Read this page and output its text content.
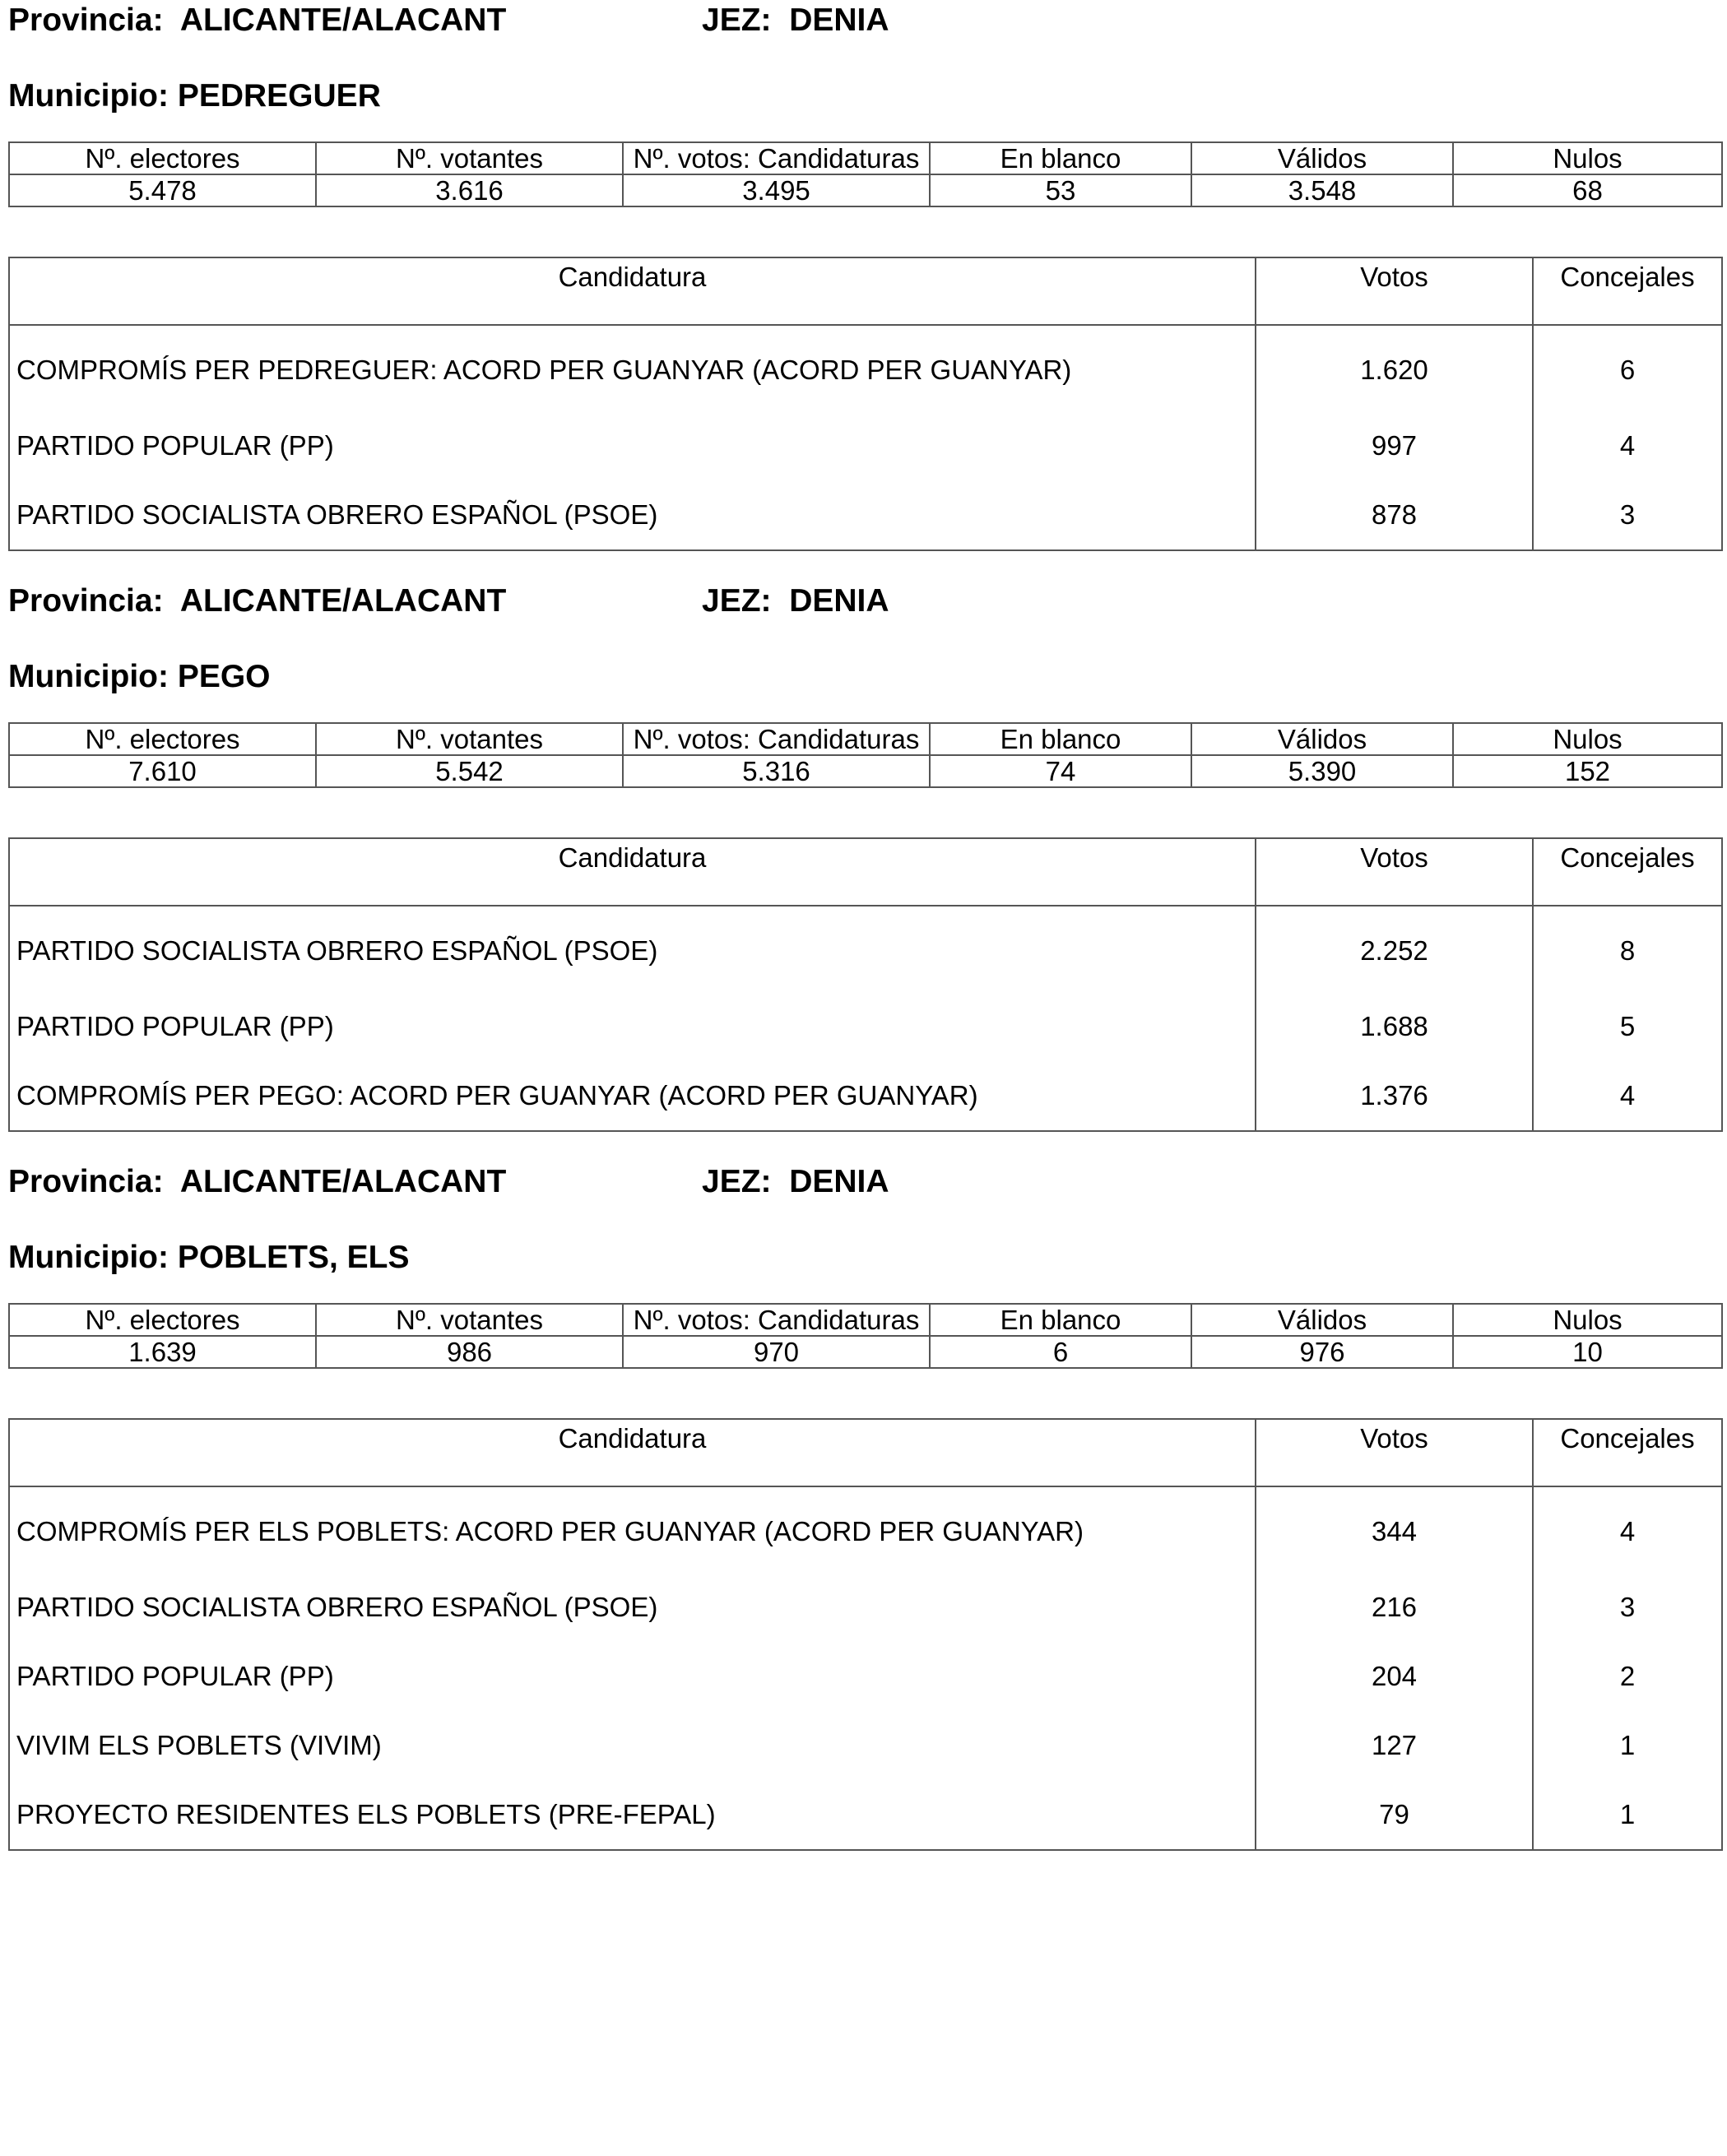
Provincia: ALICANTE/ALACANT	JEZ: DENIA
Municipio: PEDREGUER
Nº. electores	Nº. votantes	Nº. votos: Candidaturas	En blanco	Válidos	Nulos
5.478	3.616	3.495	53	3.548	68
Candidatura	Votos	Concejales
COMPROMÍS PER PEDREGUER: ACORD PER GUANYAR (ACORD PER GUANYAR)	1.620	6
PARTIDO POPULAR (PP)	997	4
PARTIDO SOCIALISTA OBRERO ESPAÑOL (PSOE)	878	3
Provincia: ALICANTE/ALACANT	JEZ: DENIA
Municipio: PEGO
Nº. electores	Nº. votantes	Nº. votos: Candidaturas	En blanco	Válidos	Nulos
7.610	5.542	5.316	74	5.390	152
Candidatura	Votos	Concejales
PARTIDO SOCIALISTA OBRERO ESPAÑOL (PSOE)	2.252	8
PARTIDO POPULAR (PP)	1.688	5
COMPROMÍS PER PEGO: ACORD PER GUANYAR (ACORD PER GUANYAR)	1.376	4
Provincia: ALICANTE/ALACANT	JEZ: DENIA
Municipio: POBLETS, ELS
Nº. electores	Nº. votantes	Nº. votos: Candidaturas	En blanco	Válidos	Nulos
1.639	986	970	6	976	10
Candidatura	Votos	Concejales
COMPROMÍS PER ELS POBLETS: ACORD PER GUANYAR (ACORD PER GUANYAR)	344	4
PARTIDO SOCIALISTA OBRERO ESPAÑOL (PSOE)	216	3
PARTIDO POPULAR (PP)	204	2
VIVIM ELS POBLETS (VIVIM)	127	1
PROYECTO RESIDENTES ELS POBLETS (PRE-FEPAL)	79	1
